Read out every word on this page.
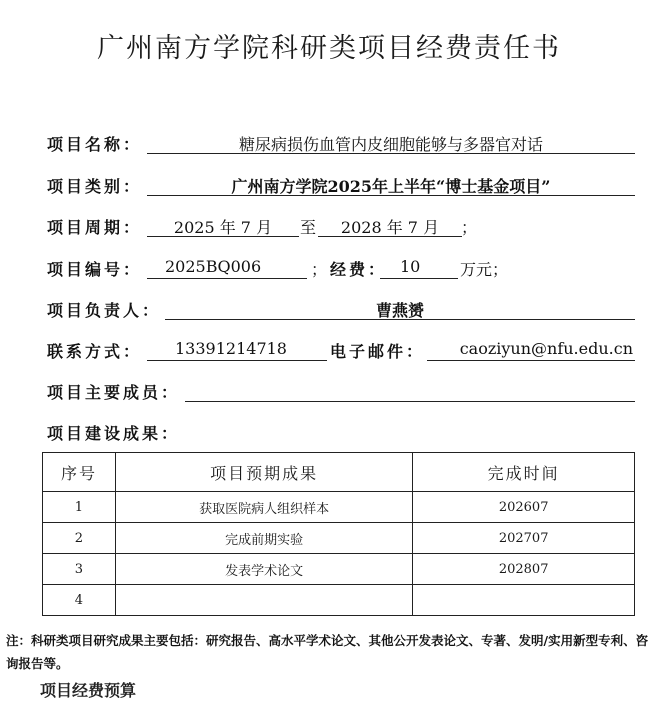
广州南方学院科研类项目经费责任书
项目名称：	糖尿病损伤血管内皮细胞能够与多器官对话
项目类别：	广州南方学院2025年上半年“博士基金项目”
项目周期：	2025 年 7 月	至	2028 年 7 月	；
项目编号：	2025BQ006	； 经费： 10	万元；
项目负责人：	曹燕赟
联系方式：	13391214718	电子邮件：	caoziyun@nfu.edu.cn
项目主要成员：
项目建设成果：
序号	项目预期成果	完成时间
1	获取医院病人组织样本	202607
2	完成前期实验	202707
3	发表学术论文	202807
4		
注：科研类项目研究成果主要包括：研究报告、高水平学术论文、其他公开发表论文、专著、发明/实用新型专利、咨询报告等。
项目经费预算
